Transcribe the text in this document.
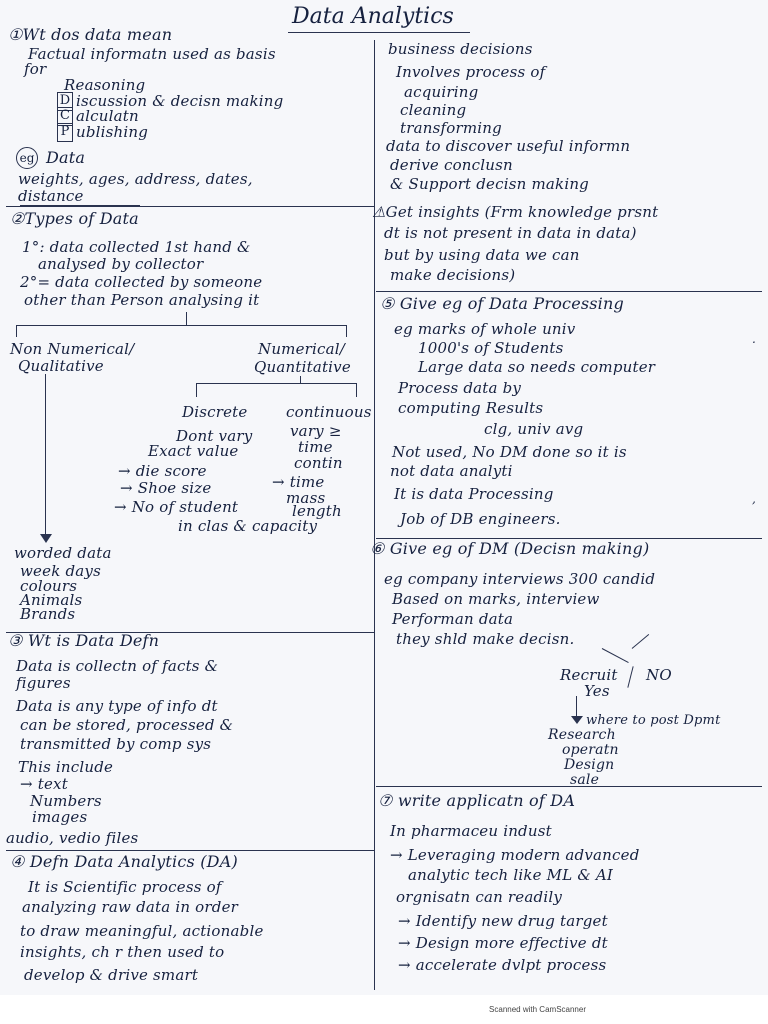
Data Analytics
①Wt dos data mean
Factual informatn used as basis
for
Reasoning
D iscussion & decisn making
C alculatn
P ublishing
eg Data
weights, ages, address, dates,
distance
②Types of Data
1°: data collected 1st hand &
analysed by collector
2°= data collected by someone
other than Person analysing it
Non Numerical/
Qualitative
Numerical/
Quantitative
Discrete	continuous
Dont vary
Exact value
→ die score
→ Shoe size
→ No of student
in clas & capacity
vary ≥
time
contin
→ time
mass
length
worded data
week days
colours
Animals
Brands
③ Wt is Data Defn
Data is collectn of facts &
figures
Data is any type of info dt
can be stored, processed &
transmitted by comp sys
This include
→ text
Numbers
images
audio, vedio files
④ Defn Data Analytics (DA)
It is Scientific process of
analyzing raw data in order
to draw meaningful, actionable
insights, ch r then used to
develop & drive smart
business decisions
Involves process of
acquiring
cleaning
transforming
data to discover useful informn
derive conclusn
& Support decisn making
⚠Get insights (Frm knowledge prsnt
dt is not present in data in data)
but by using data we can
make decisions)
⑤ Give eg of Data Processing
eg marks of whole univ
1000's of Students
Large data so needs computer
Process data by
computing Results
clg, univ avg
Not used, No DM done so it is
not data analyti
It is data Processing
Job of DB engineers.
⑥ Give eg of DM (Decisn making)
eg company interviews 300 candid
Based on marks, interview
Performan data
they shld make decisn.
Recruit
Yes
NO
where to post Dpmt
Research
operatn
Design
sale
⑦ write applicatn of DA
In pharmaceu indust
→ Leveraging modern advanced
analytic tech like ML & AI
orgnisatn can readily
→ Identify new drug target
→ Design more effective dt
→ accelerate dvlpt process
.
,
Scanned with CamScanner
